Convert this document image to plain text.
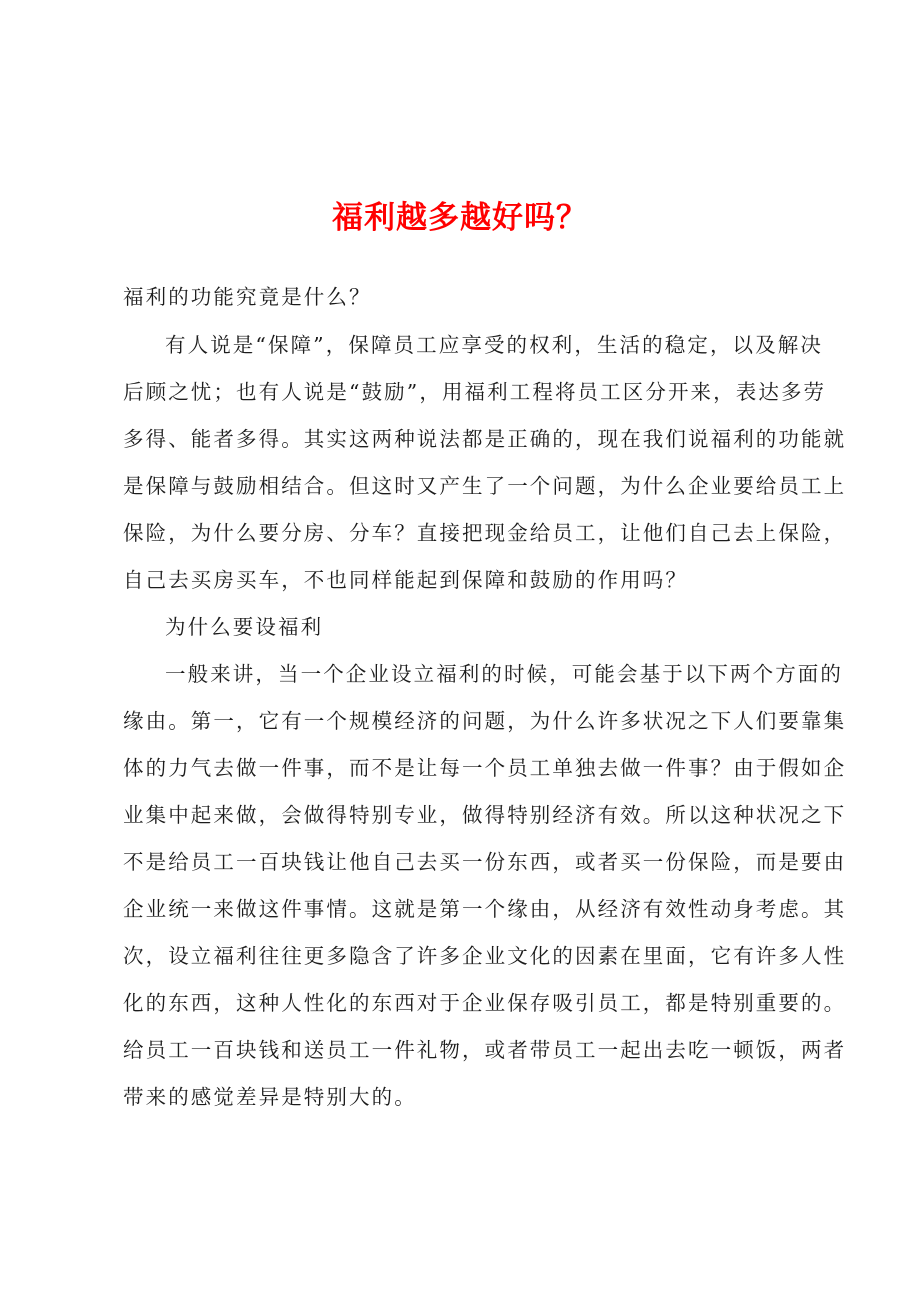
福利越多越好吗？
福利的功能究竟是什么？
有人说是“保障”，保障员工应享受的权利，生活的稳定，以及解决
后顾之忧；也有人说是“鼓励”，用福利工程将员工区分开来，表达多劳
多得、能者多得。其实这两种说法都是正确的，现在我们说福利的功能就
是保障与鼓励相结合。但这时又产生了一个问题，为什么企业要给员工上
保险，为什么要分房、分车？直接把现金给员工，让他们自己去上保险，
自己去买房买车，不也同样能起到保障和鼓励的作用吗？
为什么要设福利
一般来讲，当一个企业设立福利的时候，可能会基于以下两个方面的
缘由。第一，它有一个规模经济的问题，为什么许多状况之下人们要靠集
体的力气去做一件事，而不是让每一个员工单独去做一件事？由于假如企
业集中起来做，会做得特别专业，做得特别经济有效。所以这种状况之下
不是给员工一百块钱让他自己去买一份东西，或者买一份保险，而是要由
企业统一来做这件事情。这就是第一个缘由，从经济有效性动身考虑。其
次，设立福利往往更多隐含了许多企业文化的因素在里面，它有许多人性
化的东西，这种人性化的东西对于企业保存吸引员工，都是特别重要的。
给员工一百块钱和送员工一件礼物，或者带员工一起出去吃一顿饭，两者
带来的感觉差异是特别大的。
